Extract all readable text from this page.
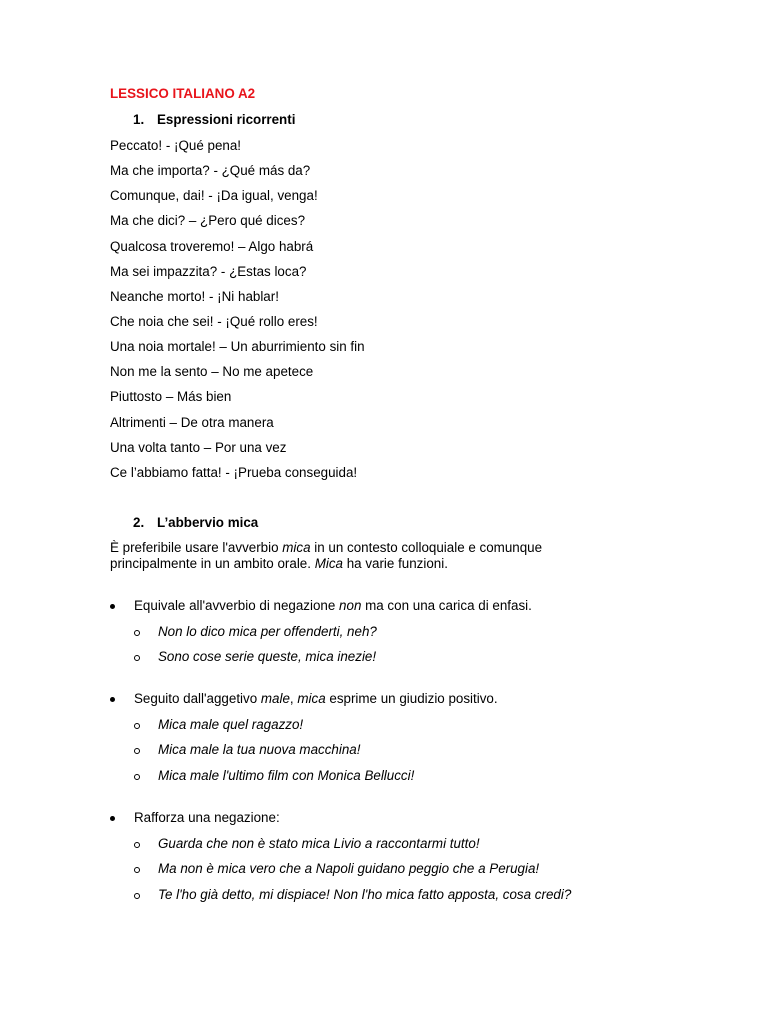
LESSICO ITALIANO A2
1. Espressioni ricorrenti
Peccato! - ¡Qué pena!
Ma che importa? - ¿Qué más da?
Comunque, dai! - ¡Da igual, venga!
Ma che dici? – ¿Pero qué dices?
Qualcosa troveremo! – Algo habrá
Ma sei impazzita? - ¿Estas loca?
Neanche morto! - ¡Ni hablar!
Che noia che sei! - ¡Qué rollo eres!
Una noia mortale! – Un aburrimiento sin fin
Non me la sento – No me apetece
Piuttosto – Más bien
Altrimenti – De otra manera
Una volta tanto – Por una vez
Ce l’abbiamo fatta! - ¡Prueba conseguida!
2. L’abbervio mica

È preferibile usare l'avverbio mica in un contesto colloquiale e comunque
principalmente in un ambito orale. Mica ha varie funzioni.

Equivale all'avverbio di negazione non ma con una carica di enfasi.
Non lo dico mica per offenderti, neh?
Sono cose serie queste, mica inezie!
Seguito dall'aggetivo male, mica esprime un giudizio positivo.
Mica male quel ragazzo!
Mica male la tua nuova macchina!
Mica male l'ultimo film con Monica Bellucci!
Rafforza una negazione:
Guarda che non è stato mica Livio a raccontarmi tutto!
Ma non è mica vero che a Napoli guidano peggio che a Perugia!
Te l'ho già detto, mi dispiace! Non l'ho mica fatto apposta, cosa credi?
